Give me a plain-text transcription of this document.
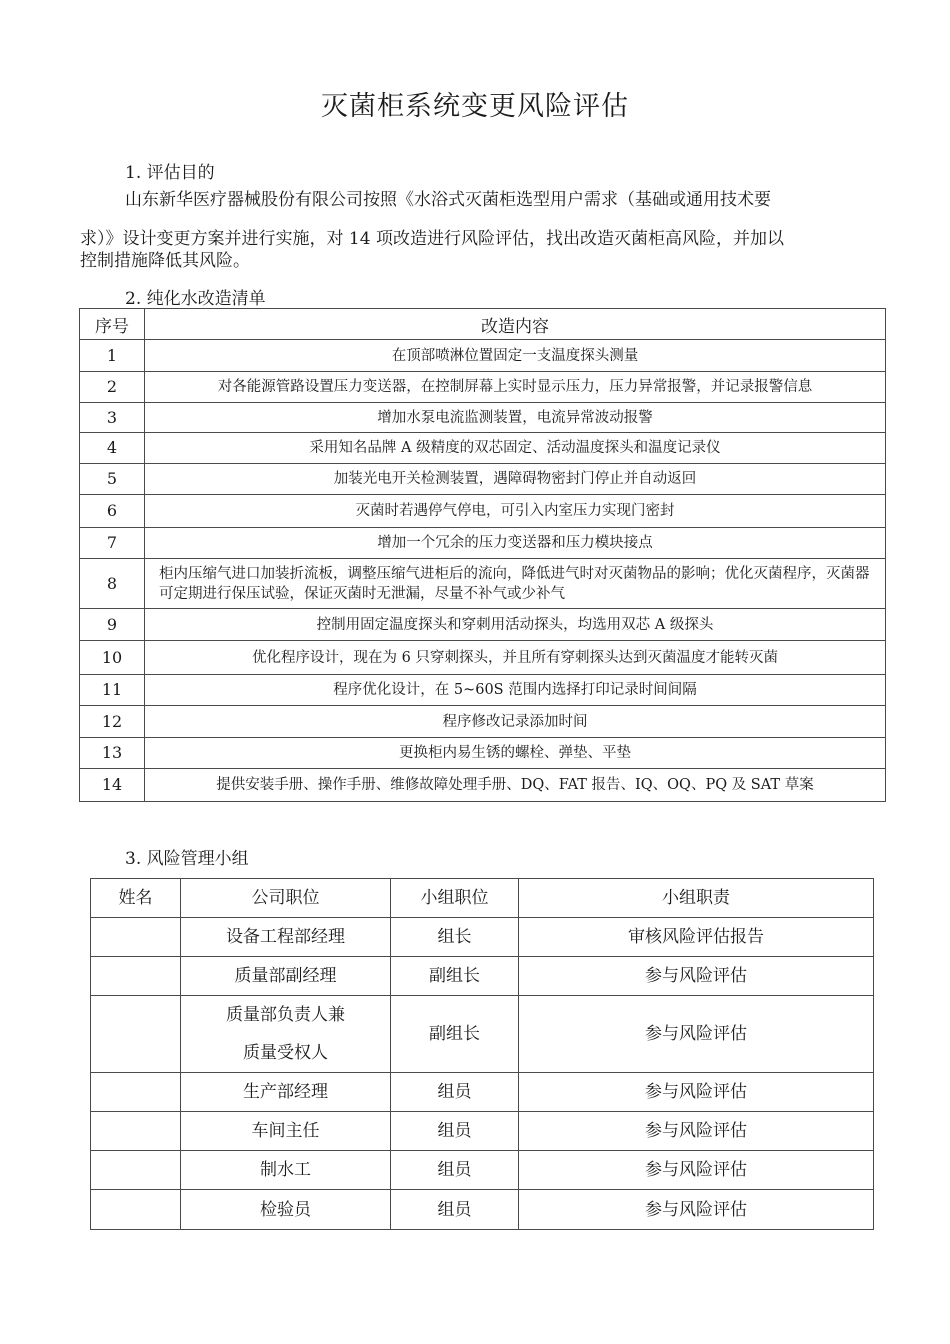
灭菌柜系统变更风险评估
1. 评估目的
山东新华医疗器械股份有限公司按照《水浴式灭菌柜选型用户需求（基础或通用技术要
求）》设计变更方案并进行实施，对 14 项改造进行风险评估，找出改造灭菌柜高风险，并加以
控制措施降低其风险。
2. 纯化水改造清单
序号	改造内容
1	在顶部喷淋位置固定一支温度探头测量
2	对各能源管路设置压力变送器，在控制屏幕上实时显示压力，压力异常报警，并记录报警信息
3	增加水泵电流监测装置，电流异常波动报警
4	采用知名品牌 A 级精度的双芯固定、活动温度探头和温度记录仪
5	加装光电开关检测装置，遇障碍物密封门停止并自动返回
6	灭菌时若遇停气停电，可引入内室压力实现门密封
7	增加一个冗余的压力变送器和压力模块接点
8	柜内压缩气进口加装折流板，调整压缩气进柜后的流向，降低进气时对灭菌物品的影响；优化灭菌程序，灭菌器可定期进行保压试验，保证灭菌时无泄漏，尽量不补气或少补气
9	控制用固定温度探头和穿刺用活动探头，均选用双芯 A 级探头
10	优化程序设计，现在为 6 只穿刺探头，并且所有穿刺探头达到灭菌温度才能转灭菌
11	程序优化设计，在 5~60S 范围内选择打印记录时间间隔
12	程序修改记录添加时间
13	更换柜内易生锈的螺栓、弹垫、平垫
14	提供安装手册、操作手册、维修故障处理手册、DQ、FAT 报告、IQ、OQ、PQ 及 SAT 草案
3. 风险管理小组
姓名	公司职位	小组职位	小组职责
	设备工程部经理	组长	审核风险评估报告
	质量部副经理	副组长	参与风险评估

	质量部负责人兼
质量受权人	副组长	参与风险评估
	生产部经理	组员	参与风险评估
	车间主任	组员	参与风险评估
	制水工	组员	参与风险评估
	检验员	组员	参与风险评估
